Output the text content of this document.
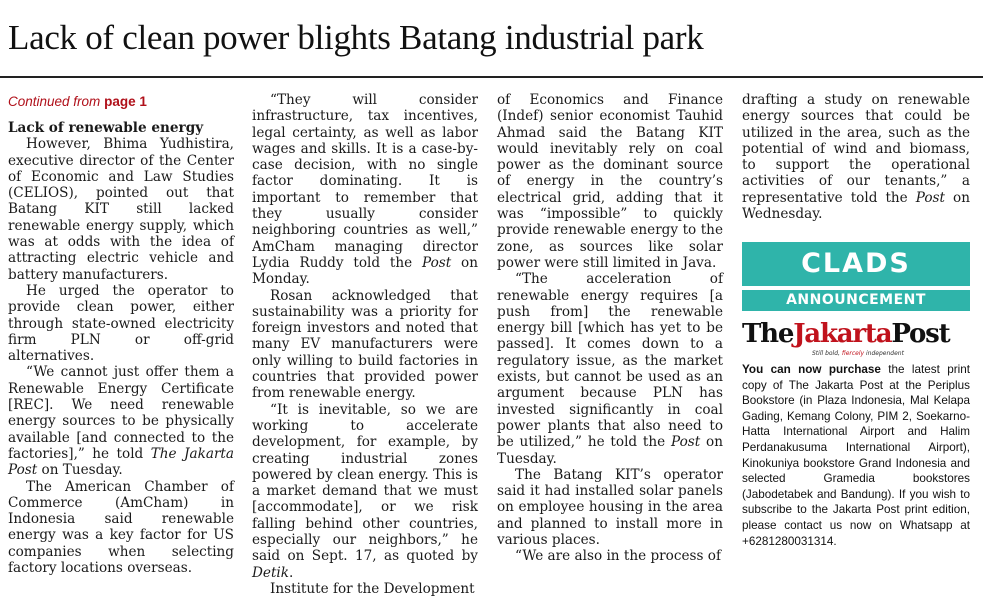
Lack of clean power blights Batang industrial park
Continued from page 1
Lack of renewable energy

However, Bhima Yudhistira, executive director of the Center of Economic and Law Studies (CELIOS), pointed out that Batang KIT still lacked renewable energy supply, which was at odds with the idea of attracting electric vehicle and battery manufacturers.

He urged the operator to provide clean power, either through state-owned electricity firm PLN or off-grid alternatives.

“We cannot just offer them a Renewable Energy Certificate [REC]. We need renewable energy sources to be physically available [and connected to the factories],” he told The Jakarta Post on Tuesday.

The American Chamber of Commerce (AmCham) in Indonesia said renewable energy was a key factor for US companies when selecting factory locations overseas.

“They will consider infrastructure, tax incentives, legal certainty, as well as labor wages and skills. It is a case-by-case decision, with no single factor dominating. It is important to remember that they usually consider neighboring countries as well,” AmCham managing director Lydia Ruddy told the Post on Monday.

Rosan acknowledged that sustainability was a priority for foreign investors and noted that many EV manufacturers were only willing to build factories in countries that provided power from renewable energy.

“It is inevitable, so we are working to accelerate development, for example, by creating industrial zones powered by clean energy. This is a market demand that we must [accommodate], or we risk falling behind other countries, especially our neighbors,” he said on Sept. 17, as quoted by Detik.

Institute for the Development

of Economics and Finance (Indef) senior economist Tauhid Ahmad said the Batang KIT would inevitably rely on coal power as the dominant source of energy in the country’s electrical grid, adding that it was “impossible” to quickly provide renewable energy to the zone, as sources like solar power were still limited in Java.

“The acceleration of renewable energy requires [a push from] the renewable energy bill [which has yet to be passed]. It comes down to a regulatory issue, as the market exists, but cannot be used as an argument because PLN has invested significantly in coal power plants that also need to be utilized,” he told the Post on Tuesday.

The Batang KIT’s operator said it had installed solar panels on employee housing in the area and planned to install more in various places.

“We are also in the process of

drafting a study on renewable energy sources that could be utilized in the area, such as the potential of wind and biomass, to support the operational activities of our tenants,” a representative told the Post on Wednesday.

CLADS
ANNOUNCEMENT
TheJakartaPost
Still bold, fiercely independent
You can now purchase the latest print copy of The Jakarta Post at the Periplus Bookstore (in Plaza Indonesia, Mal Kelapa Gading, Kemang Colony, PIM 2, Soekarno-Hatta International Airport and Halim Perdanakusuma International Airport), Kinokuniya bookstore Grand Indonesia and selected Gramedia bookstores (Jabodetabek and Bandung). If you wish to subscribe to the Jakarta Post print edition, please contact us now on Whatsapp at +6281280031314.
